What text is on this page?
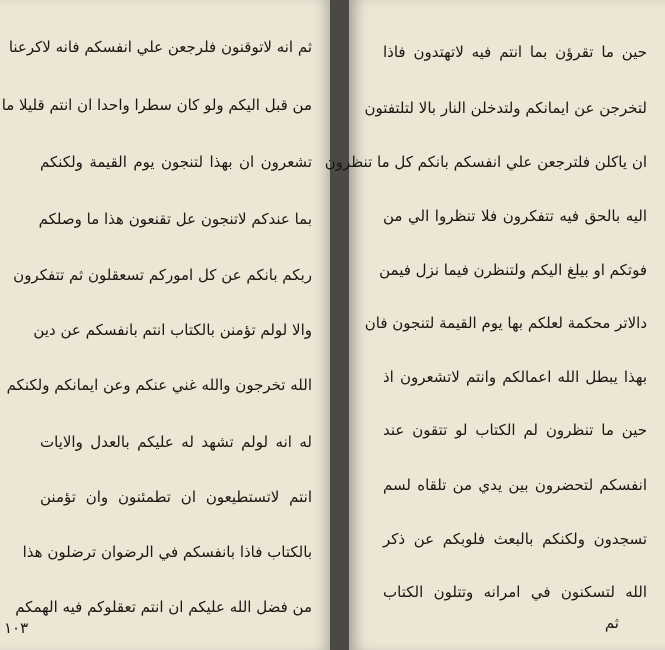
ثم انه لاتوقنون فلرجعن علي انفسكم فانه لاكرعنا
من قبل اليكم ولو كان سطرا واحدا ان انتم قليلا ما
تشعرون ان بهذا لتنجون يوم القيمة ولكنكم
بما عندكم لاتنجون عل تقنعون هذا ما وصلكم
ربكم بانكم عن كل اموركم تسعقلون ثم تتفكرون
والا لولم تؤمنن بالكتاب انتم بانفسكم عن دين
الله تخرجون والله غني عنكم وعن ايمانكم ولكنكم
له انه لولم تشهد له عليكم بالعدل والايات
انتم لاتستطيعون ان تطمئنون وان تؤمنن
بالكتاب فاذا بانفسكم في الرضوان ترضلون هذا
من فضل الله عليكم ان انتم تعقلوكم فيه الهمكم
١٠٣
حين ما تقرؤن بما انتم فيه لاتهتدون فاذا
لتخرجن عن ايمانكم ولتدخلن النار بالا لتلتفتون
ان ياكلن فلترجعن علي انفسكم بانكم كل ما تنظرون
اليه بالحق فيه تتفكرون فلا تنظروا الي من
فوتكم او بيلغ اليكم ولتنظرن فيما نزل فيمن
دالاتر محكمة لعلكم بها يوم القيمة لتنجون فان
بهذا يبطل الله اعمالكم وانتم لاتشعرون اذ
حين ما تنظرون لم الكتاب لو تتقون عند
انفسكم لتحضرون بين يدي من تلقاه لسم
تسجدون ولكنكم بالبعث فلوبكم عن ذكر
الله لتسكنون في امرانه وتتلون الكتاب
ثم
